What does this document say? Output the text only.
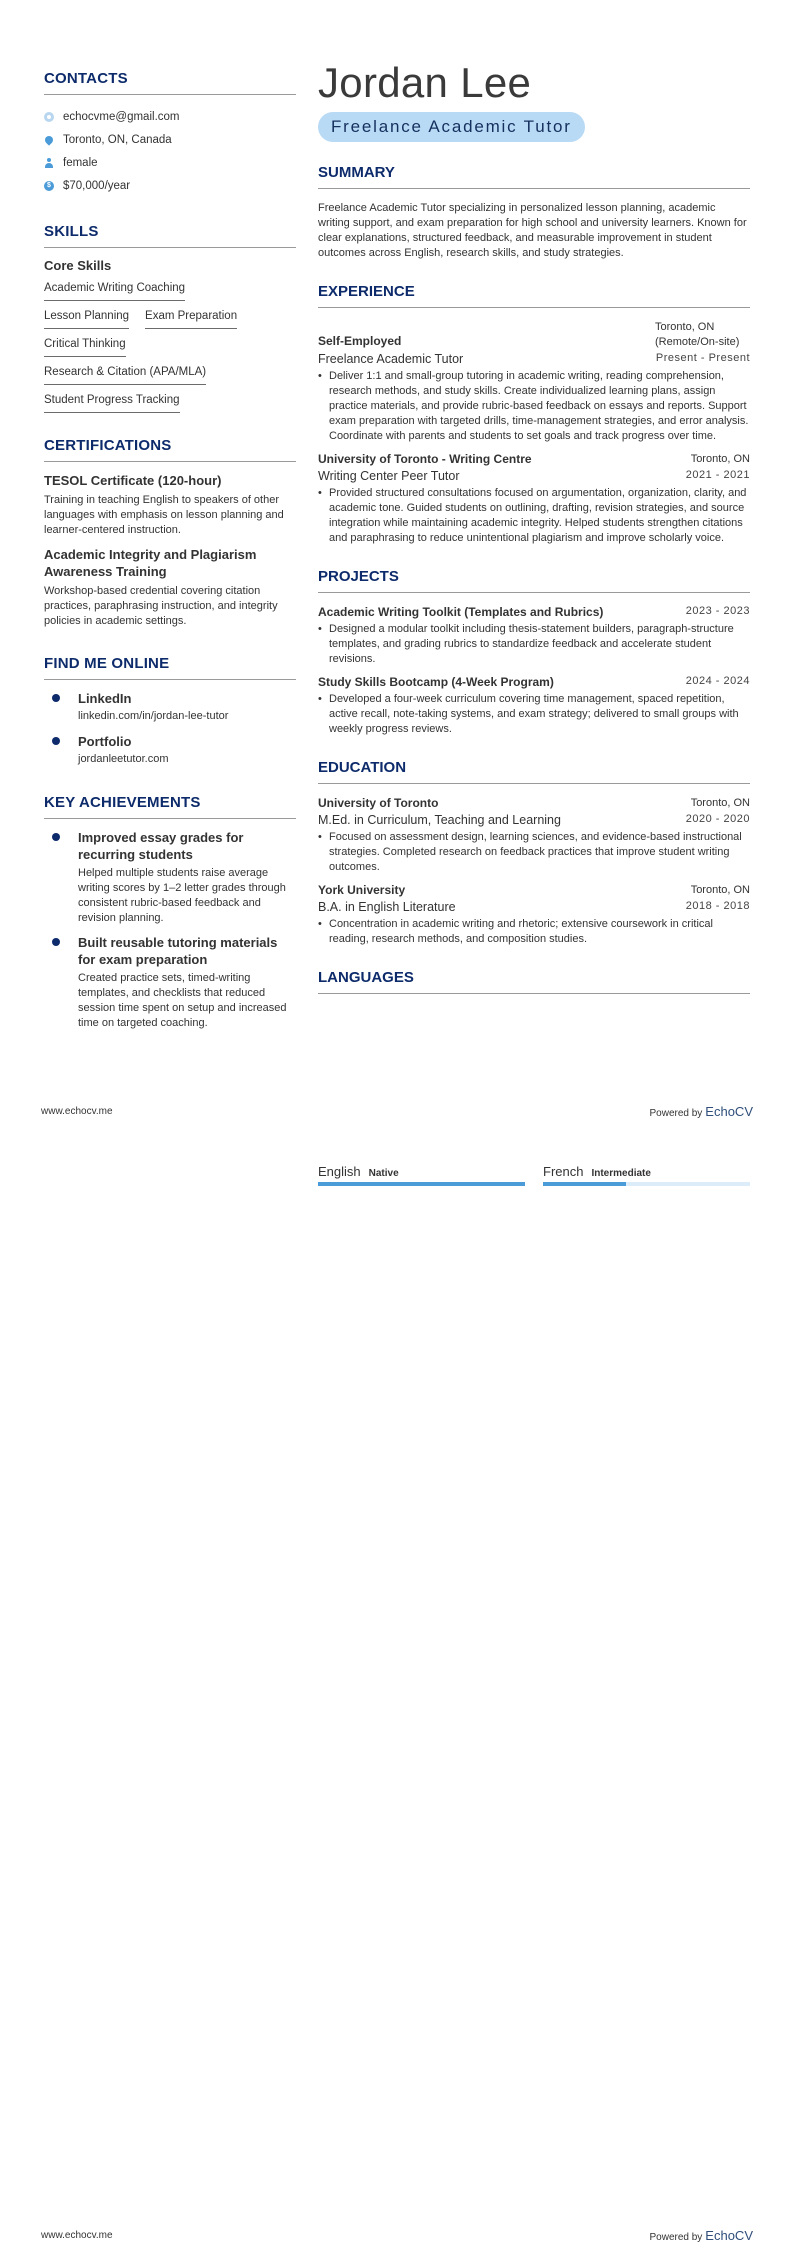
CONTACTS
echocvme@gmail.com
Toronto, ON, Canada
female
$ $70,000/year
SKILLS
Core Skills
Academic Writing Coaching
Lesson Planning Exam Preparation
Critical Thinking
Research & Citation (APA/MLA)
Student Progress Tracking
CERTIFICATIONS
TESOL Certificate (120-hour)
Training in teaching English to speakers of other languages with emphasis on lesson planning and learner-centered instruction.
Academic Integrity and Plagiarism Awareness Training
Workshop-based credential covering citation practices, paraphrasing instruction, and integrity policies in academic settings.
FIND ME ONLINE
LinkedIn
linkedin.com/in/jordan-lee-tutor
Portfolio
jordanleetutor.com
KEY ACHIEVEMENTS
Improved essay grades for recurring students
Helped multiple students raise average writing scores by 1–2 letter grades through consistent rubric-based feedback and revision planning.
Built reusable tutoring materials for exam preparation
Created practice sets, timed-writing templates, and checklists that reduced session time spent on setup and increased time on targeted coaching.
Jordan Lee
Freelance Academic Tutor
SUMMARY
Freelance Academic Tutor specializing in personalized lesson planning, academic writing support, and exam preparation for high school and university learners. Known for clear explanations, structured feedback, and measurable improvement in student outcomes across English, research skills, and study strategies.
EXPERIENCE
Self-Employed
Toronto, ON (Remote/On-site)
Freelance Academic Tutor	Present - Present
• Deliver 1:1 and small-group tutoring in academic writing, reading comprehension, research methods, and study skills. Create individualized learning plans, assign practice materials, and provide rubric-based feedback on essays and reports. Support exam preparation with targeted drills, time-management strategies, and error analysis. Coordinate with parents and students to set goals and track progress over time.
University of Toronto - Writing Centre	Toronto, ON
Writing Center Peer Tutor	2021 - 2021
• Provided structured consultations focused on argumentation, organization, clarity, and academic tone. Guided students on outlining, drafting, revision strategies, and source integration while maintaining academic integrity. Helped students strengthen citations and paraphrasing to reduce unintentional plagiarism and improve scholarly voice.
PROJECTS
Academic Writing Toolkit (Templates and Rubrics)	2023 - 2023
• Designed a modular toolkit including thesis-statement builders, paragraph-structure templates, and grading rubrics to standardize feedback and accelerate student revisions.
Study Skills Bootcamp (4-Week Program)	2024 - 2024
• Developed a four-week curriculum covering time management, spaced repetition, active recall, note-taking systems, and exam strategy; delivered to small groups with weekly progress reviews.
EDUCATION
University of Toronto	Toronto, ON
M.Ed. in Curriculum, Teaching and Learning	2020 - 2020
• Focused on assessment design, learning sciences, and evidence-based instructional strategies. Completed research on feedback practices that improve student writing outcomes.
York University	Toronto, ON
B.A. in English Literature	2018 - 2018
• Concentration in academic writing and rhetoric; extensive coursework in critical reading, research methods, and composition studies.
LANGUAGES
www.echocv.me	Powered by EchoCV
English Native	French Intermediate
www.echocv.me	Powered by EchoCV
